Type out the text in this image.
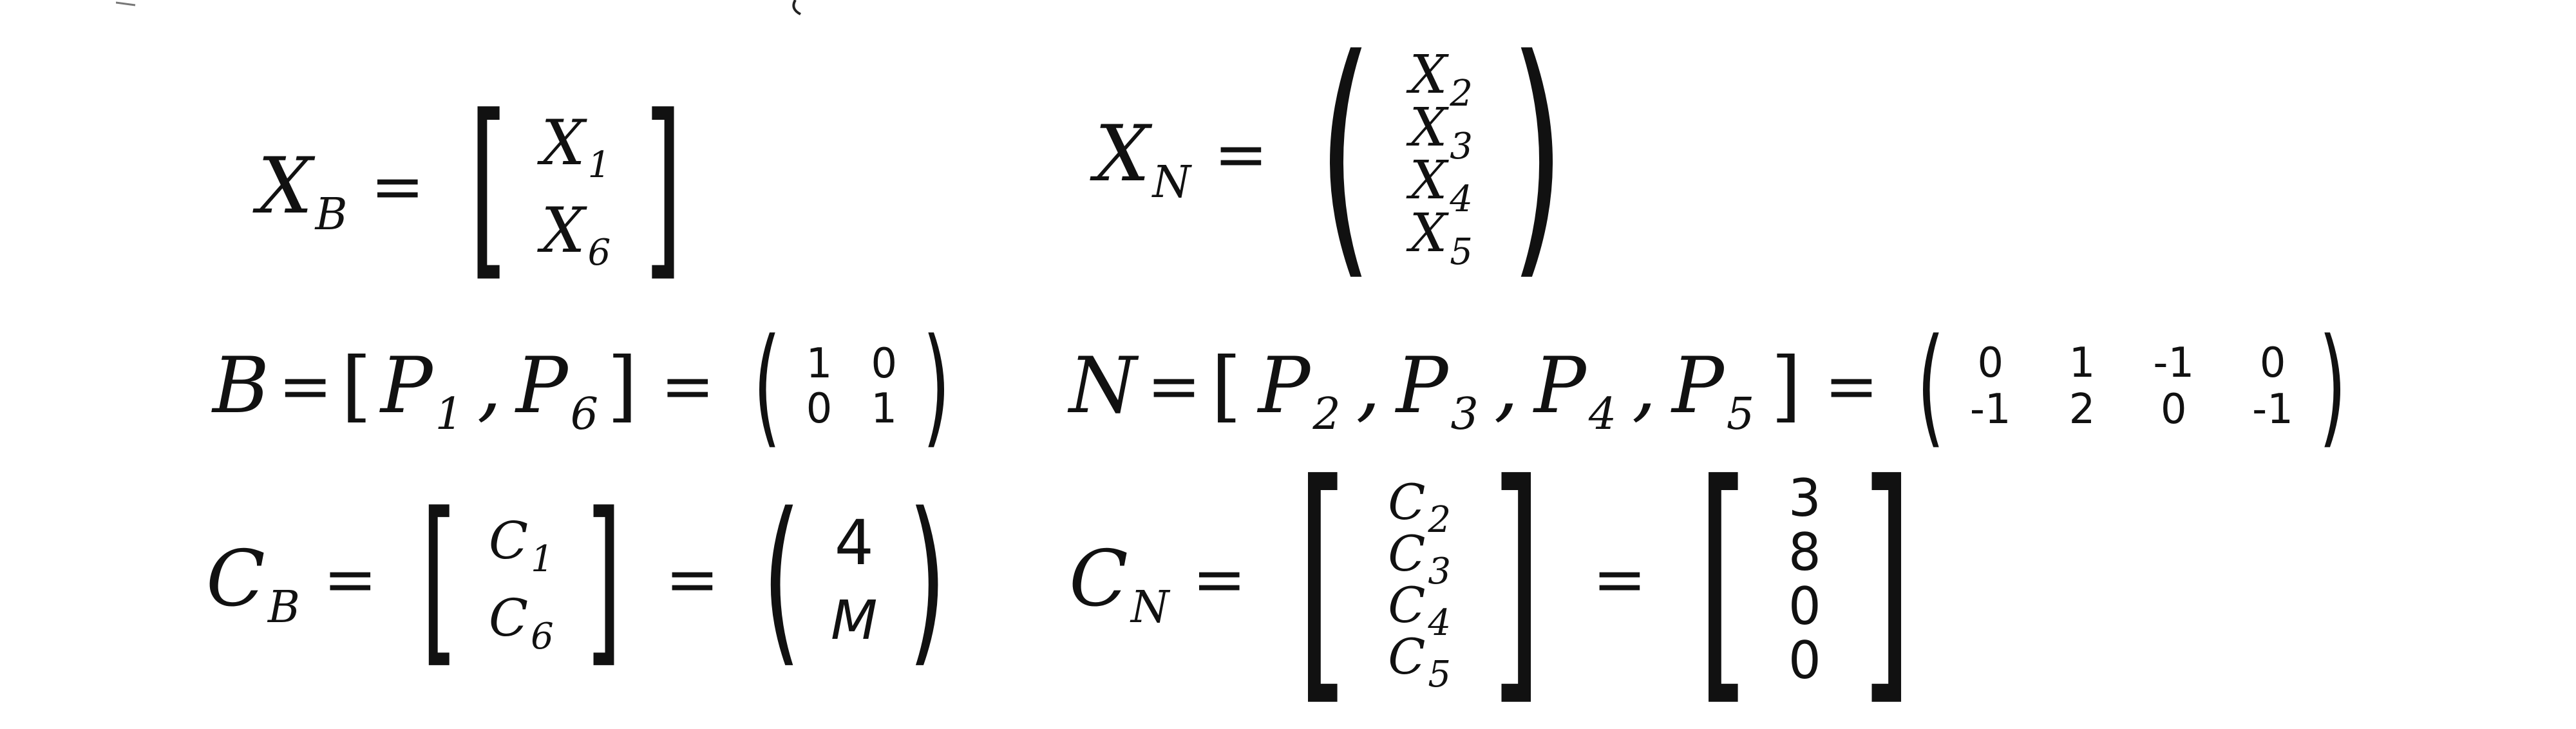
X B = [ X 1
X 6 ]	X N = ( X 2
X 3
X 4
X 5 )
B = [ P 1 , P 6 ] = ( 1 0
0 1 ) N = [ P 2 , P 3 , P 4 , P 5 ] = ( 0 1 -1 0
-1 2 0 -1 )
C B = [ C 1
C 6 ] = ( 4
M ) C N = [ C 2
C 3
C 4
C 5 ] = [ 3
8
0
0 ]
